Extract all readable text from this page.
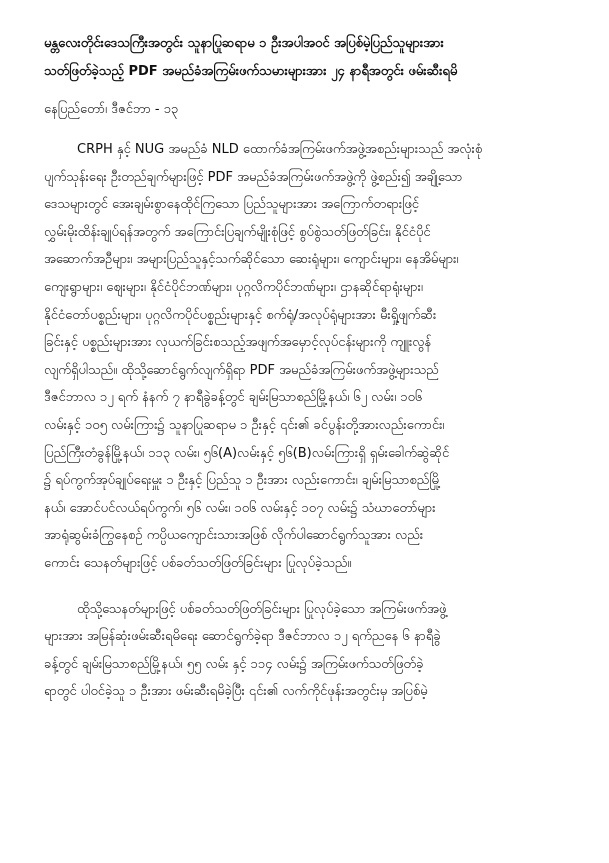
မန္တလေးတိုင်းဒေသကြီးအတွင်း သူနာပြုဆရာမ ၁ ဦးအပါအဝင် အပြစ်မဲ့ပြည်သူများအား
သတ်ဖြတ်ခဲ့သည့် PDF အမည်ခံအကြမ်းဖက်သမားများအား ၂၄ နာရီအတွင်း ဖမ်းဆီးရမိ
နေပြည်တော်၊ ဒီဇင်ဘာ - ၁၃
CRPH နှင့် NUG အမည်ခံ NLD ထောက်ခံအကြမ်းဖက်အဖွဲ့အစည်းများသည် အလုံးစုံ
ပျက်သုန်းရေး ဦးတည်ချက်များဖြင့် PDF အမည်ခံအကြမ်းဖက်အဖွဲ့ကို ဖွဲ့စည်း၍ အချို့သော
ဒေသများတွင် အေးချမ်းစွာနေထိုင်ကြသော ပြည်သူများအား အကြောက်တရားဖြင့်
လွှမ်းမိုးထိန်းချုပ်ရန်အတွက် အကြောင်းပြချက်မျိုးစုံဖြင့် စွပ်စွဲသတ်ဖြတ်ခြင်း၊ နိုင်ငံပိုင်
အဆောက်အဦများ၊ အများပြည်သူနှင့်သက်ဆိုင်သော ဆေးရုံများ၊ ကျောင်းများ၊ နေအိမ်များ၊
ကျေးရွာများ၊ ဈေးများ၊ နိုင်ငံပိုင်ဘဏ်များ၊ ပုဂ္ဂလိကပိုင်ဘဏ်များ၊ ဌာနဆိုင်ရာရုံးများ၊
နိုင်ငံတော်ပစ္စည်းများ၊ ပုဂ္ဂလိကပိုင်ပစ္စည်းများနှင့် စက်ရုံ/အလုပ်ရုံများအား မီးရှို့ဖျက်ဆီး
ခြင်းနှင့် ပစ္စည်းများအား လုယက်ခြင်းစသည့်အဖျက်အမှောင့်လုပ်ငန်းများကို ကျူးလွန်
လျက်ရှိပါသည်။ ထိုသို့ဆောင်ရွက်လျက်ရှိရာ PDF အမည်ခံအကြမ်းဖက်အဖွဲ့များသည်
ဒီဇင်ဘာလ ၁၂ ရက် နံနက် ၇ နာရီခွဲခန့်တွင် ချမ်းမြသာစည်မြို့နယ်၊ ၆၂ လမ်း၊ ၁၀၆
လမ်းနှင့် ၁၀၅ လမ်းကြား၌ သူနာပြုဆရာမ ၁ ဦးနှင့် ၎င်း၏ ခင်ပွန်းတို့အားလည်းကောင်း၊
ပြည်ကြီးတံခွန်မြို့နယ်၊ ၁၁၃ လမ်း၊ ၅၆(A)လမ်းနှင့် ၅၆(B)လမ်းကြားရှိ ရှမ်းခေါက်ဆွဲဆိုင်
၌ ရပ်ကွက်အုပ်ချုပ်ရေးမှူး ၁ ဦးနှင့် ပြည်သူ ၁ ဦးအား လည်းကောင်း၊ ချမ်းမြသာစည်မြို့
နယ်၊ အောင်ပင်လယ်ရပ်ကွက်၊ ၅၆ လမ်း၊ ၁၀၆ လမ်းနှင့် ၁၀၇ လမ်း၌ သံဃာတော်များ
အာရုံဆွမ်းခံကြွနေစဉ် ကပ္ပိယကျောင်းသားအဖြစ် လိုက်ပါဆောင်ရွက်သူအား လည်း
ကောင်း သေနတ်များဖြင့် ပစ်ခတ်သတ်ဖြတ်ခြင်းများ ပြုလုပ်ခဲ့သည်။
ထိုသို့သေနတ်များဖြင့် ပစ်ခတ်သတ်ဖြတ်ခြင်းများ ပြုလုပ်ခဲ့သော အကြမ်းဖက်အဖွဲ့
များအား အမြန်ဆုံးဖမ်းဆီးရမိရေး ဆောင်ရွက်ခဲ့ရာ ဒီဇင်ဘာလ ၁၂ ရက်ညနေ ၆ နာရီခွဲ
ခန့်တွင် ချမ်းမြသာစည်မြို့နယ်၊ ၅၅ လမ်း နှင့် ၁၁၄ လမ်း၌ အကြမ်းဖက်သတ်ဖြတ်ခဲ့
ရာတွင် ပါဝင်ခဲ့သူ ၁ ဦးအား ဖမ်းဆီးရမိခဲ့ပြီး ၎င်း၏ လက်ကိုင်ဖုန်းအတွင်းမှ အပြစ်မဲ့
